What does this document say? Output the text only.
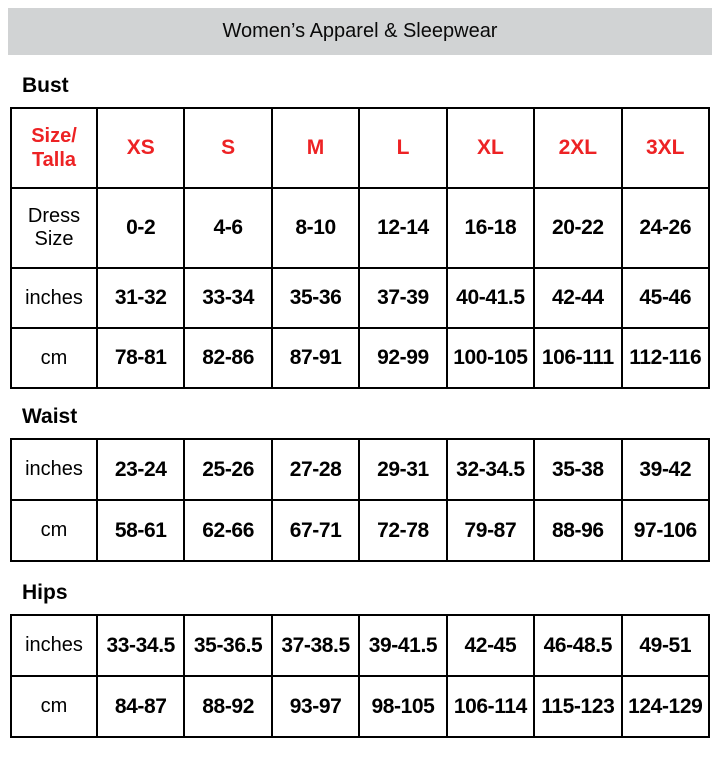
Women’s Apparel & Sleepwear
Bust
Size/
Talla	XS	S	M	L	XL	2XL	3XL

Dress
Size	0-2	4-6	8-10	12-14	16-18	20-22	24-26
inches	31-32	33-34	35-36	37-39	40-41.5	42-44	45-46
cm	78-81	82-86	87-91	92-99	100-105	106-111	112-116
Waist
inches	23-24	25-26	27-28	29-31	32-34.5	35-38	39-42
cm	58-61	62-66	67-71	72-78	79-87	88-96	97-106
Hips
inches	33-34.5	35-36.5	37-38.5	39-41.5	42-45	46-48.5	49-51
cm	84-87	88-92	93-97	98-105	106-114	115-123	124-129
